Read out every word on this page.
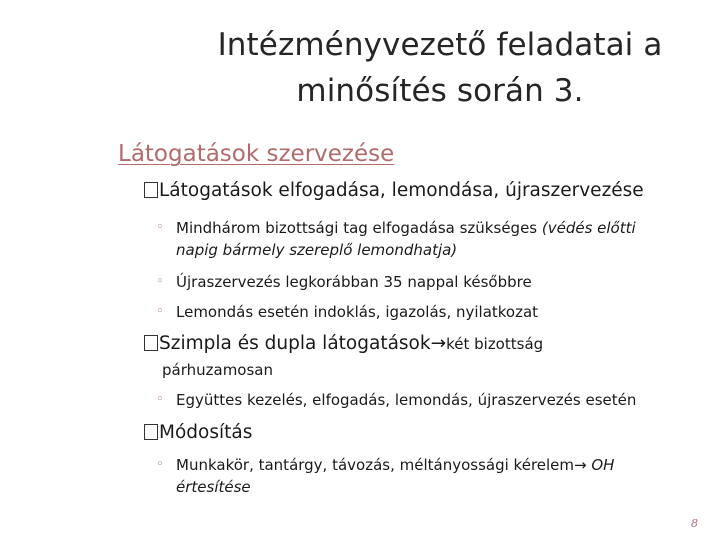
Intézményvezető feladatai a
minősítés során 3.
Látogatások szervezése
Látogatások elfogadása, lemondása, újraszervezése
◦ Mindhárom bizottsági tag elfogadása szükséges (védés előtti napig bármely szereplő lemondhatja)
◦ Újraszervezés legkorábban 35 nappal későbbre
◦ Lemondás esetén indoklás, igazolás, nyilatkozat
Szimpla és dupla látogatások→két bizottság
párhuzamosan
◦ Együttes kezelés, elfogadás, lemondás, újraszervezés esetén
Módosítás
◦ Munkakör, tantárgy, távozás, méltányossági kérelem→ OH értesítése
8
